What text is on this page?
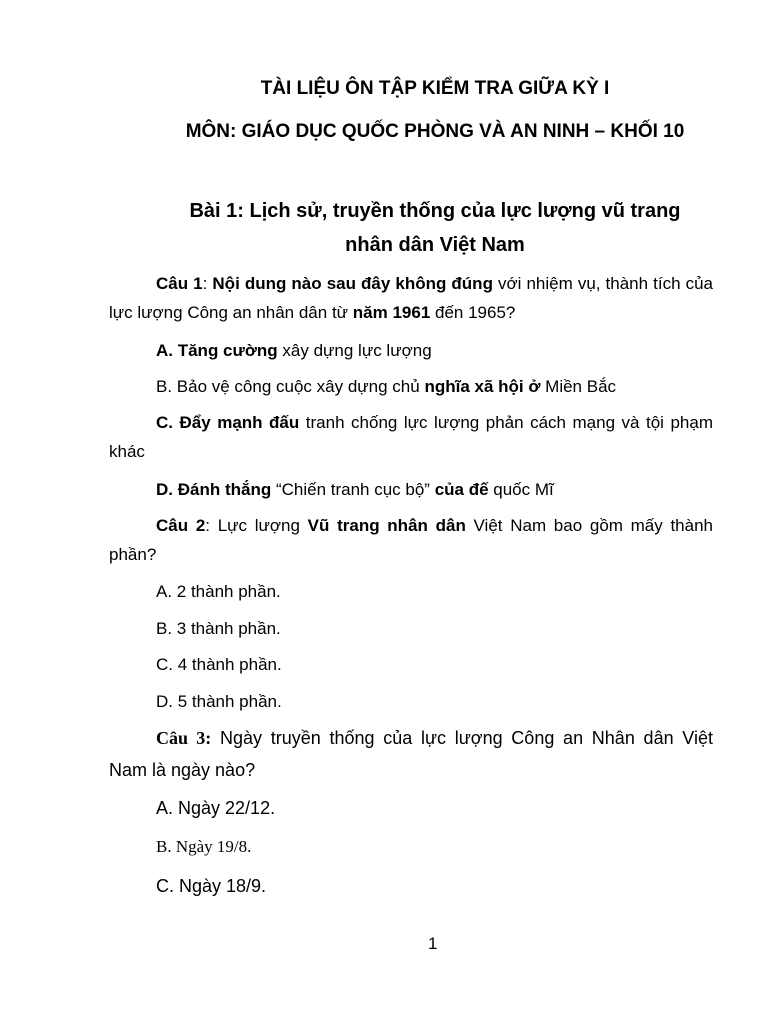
TÀI LIỆU ÔN TẬP KIỂM TRA GIỮA KỲ I
MÔN: GIÁO DỤC QUỐC PHÒNG VÀ AN NINH – KHỐI 10
Bài 1: Lịch sử, truyền thống của lực lượng vũ trang
nhân dân Việt Nam
Câu 1: Nội dung nào sau đây không đúng với nhiệm vụ, thành tích của
lực lượng Công an nhân dân từ năm 1961 đến 1965?
A. Tăng cường xây dựng lực lượng
B. Bảo vệ công cuộc xây dựng chủ nghĩa xã hội ở Miền Bắc
C. Đẩy mạnh đấu tranh chống lực lượng phản cách mạng và tội phạm
khác
D. Đánh thắng “Chiến tranh cục bộ” của đế quốc Mĩ
Câu 2: Lực lượng Vũ trang nhân dân Việt Nam bao gồm mấy thành
phần?
A. 2 thành phần.
B. 3 thành phần.
C. 4 thành phần.
D. 5 thành phần.
Câu 3: Ngày truyền thống của lực lượng Công an Nhân dân Việt
Nam là ngày nào?
A. Ngày 22/12.
B. Ngày 19/8.
C. Ngày 18/9.
1
